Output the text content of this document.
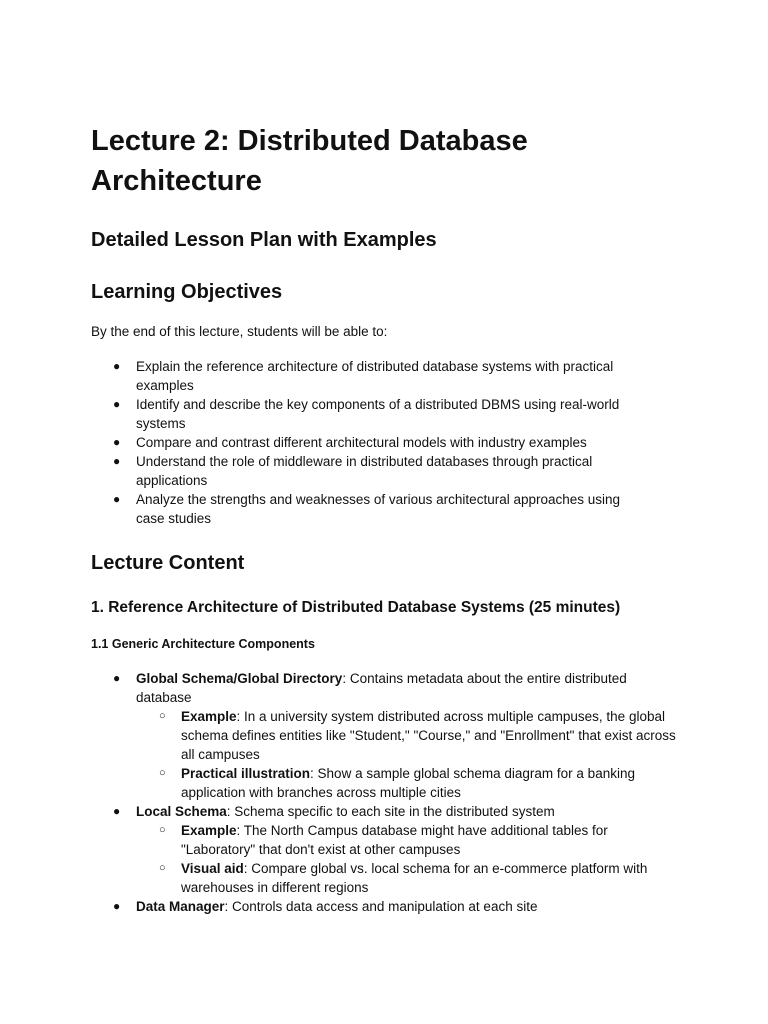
Lecture 2: Distributed Database Architecture
Detailed Lesson Plan with Examples
Learning Objectives

By the end of this lecture, students will be able to:

● Explain the reference architecture of distributed database systems with practical examples
● Identify and describe the key components of a distributed DBMS using real-world systems
● Compare and contrast different architectural models with industry examples
● Understand the role of middleware in distributed databases through practical applications
● Analyze the strengths and weaknesses of various architectural approaches using case studies
Lecture Content
1. Reference Architecture of Distributed Database Systems (25 minutes)
1.1 Generic Architecture Components
● Global Schema/Global Directory: Contains metadata about the entire distributed database
○ Example: In a university system distributed across multiple campuses, the global schema defines entities like "Student," "Course," and "Enrollment" that exist across all campuses
○ Practical illustration: Show a sample global schema diagram for a banking application with branches across multiple cities
● Local Schema: Schema specific to each site in the distributed system
○ Example: The North Campus database might have additional tables for "Laboratory" that don't exist at other campuses
○ Visual aid: Compare global vs. local schema for an e-commerce platform with warehouses in different regions
● Data Manager: Controls data access and manipulation at each site
